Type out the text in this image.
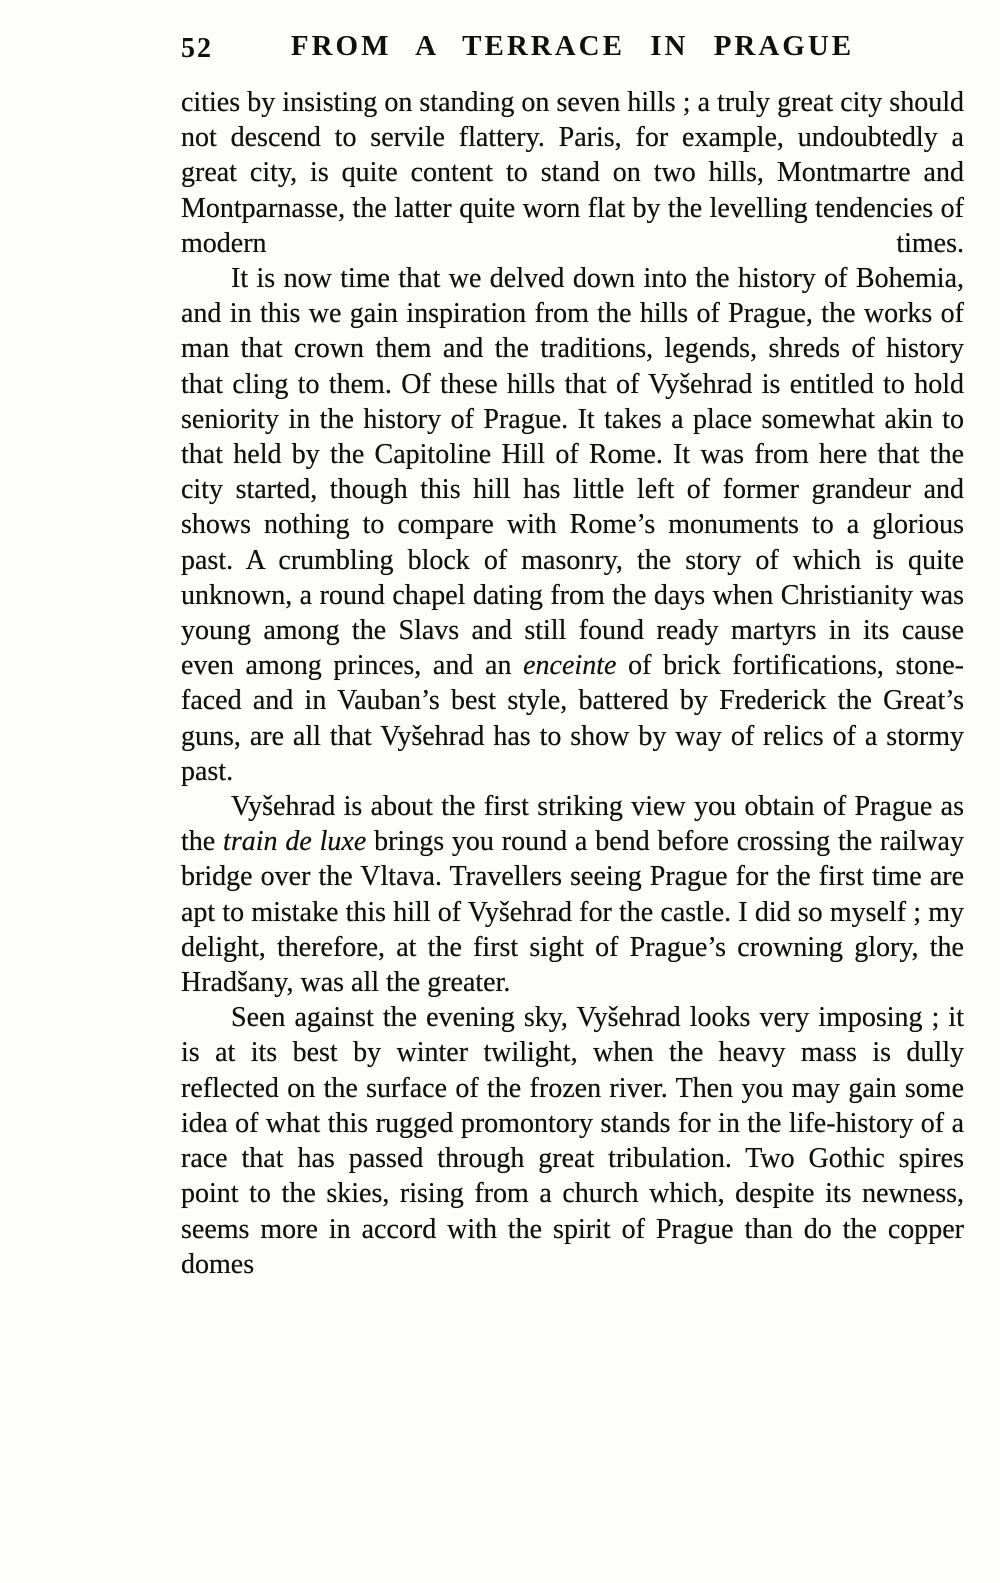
52	FROM A TERRACE IN PRAGUE

cities by insisting on standing on seven hills ; a truly great city should not descend to servile flattery. Paris, for example, undoubtedly a great city, is quite content to stand on two hills, Montmartre and Montparnasse, the latter quite worn flat by the levelling tendencies of modern times.

It is now time that we delved down into the history of Bohemia, and in this we gain inspiration from the hills of Prague, the works of man that crown them and the traditions, legends, shreds of history that cling to them. Of these hills that of Vyšehrad is entitled to hold seniority in the history of Prague. It takes a place somewhat akin to that held by the Capitoline Hill of Rome. It was from here that the city started, though this hill has little left of former grandeur and shows nothing to compare with Rome’s monuments to a glorious past. A crumbling block of masonry, the story of which is quite unknown, a round chapel dating from the days when Christianity was young among the Slavs and still found ready martyrs in its cause even among princes, and an enceinte of brick fortifications, stone-faced and in Vauban’s best style, battered by Frederick the Great’s guns, are all that Vyšehrad has to show by way of relics of a stormy past.

Vyšehrad is about the first striking view you obtain of Prague as the train de luxe brings you round a bend before crossing the railway bridge over the Vltava. Travellers seeing Prague for the first time are apt to mistake this hill of Vyšehrad for the castle. I did so myself ; my delight, therefore, at the first sight of Prague’s crowning glory, the Hradšany, was all the greater.

Seen against the evening sky, Vyšehrad looks very imposing ; it is at its best by winter twilight, when the heavy mass is dully reflected on the surface of the frozen river. Then you may gain some idea of what this rugged promontory stands for in the life-history of a race that has passed through great tribulation. Two Gothic spires point to the skies, rising from a church which, despite its newness, seems more in accord with the spirit of Prague than do the copper domes
